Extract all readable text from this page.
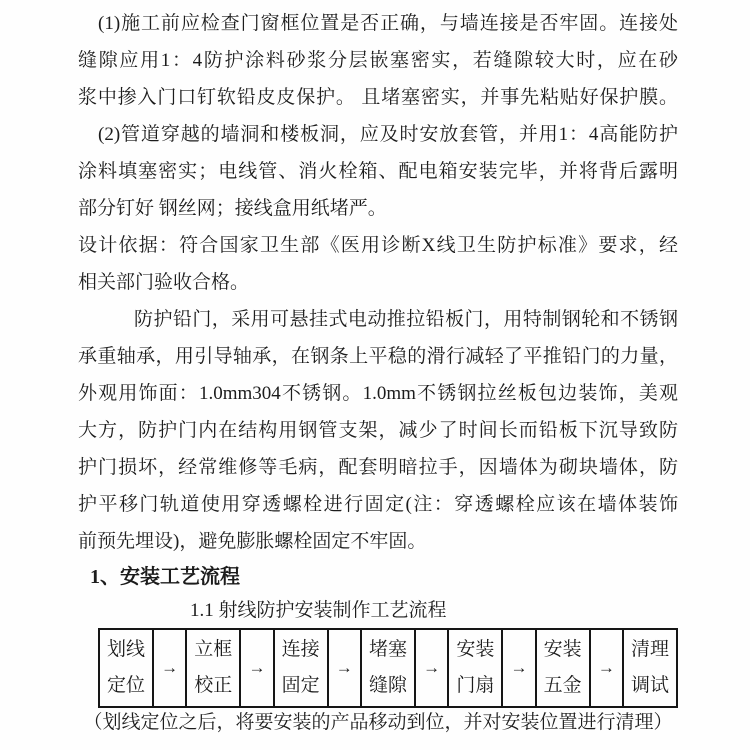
(1)施工前应检查门窗框位置是否正确，与墙连接是否牢固。连接处
缝隙应用1：4防护涂料砂浆分层嵌塞密实，若缝隙较大时，应在砂
浆中掺入门口钉软铅皮皮保护。 且堵塞密实，并事先粘贴好保护膜。
(2)管道穿越的墙洞和楼板洞，应及时安放套管，并用1：4高能防护
涂料填塞密实；电线管、消火栓箱、配电箱安装完毕，并将背后露明
部分钉好 钢丝网；接线盒用纸堵严。
设计依据：符合国家卫生部《医用诊断X线卫生防护标准》要求，经
相关部门验收合格。
防护铅门，采用可悬挂式电动推拉铅板门，用特制钢轮和不锈钢
承重轴承，用引导轴承，在钢条上平稳的滑行减轻了平推铅门的力量，
外观用饰面：1.0mm304不锈钢。1.0mm不锈钢拉丝板包边装饰，美观
大方，防护门内在结构用钢管支架，减少了时间长而铅板下沉导致防
护门损坏，经常维修等毛病，配套明暗拉手，因墙体为砌块墙体，防
护平移门轨道使用穿透螺栓进行固定(注：穿透螺栓应该在墙体装饰
前预先埋设)，避免膨胀螺栓固定不牢固。
1、安装工艺流程
1.1 射线防护安装制作工艺流程
划线定位	→	立框校正	→	连接固定	→	堵塞缝隙	→	安装门扇	→	安装五金	→	清理调试
（划线定位之后，将要安装的产品移动到位，并对安装位置进行清理）
